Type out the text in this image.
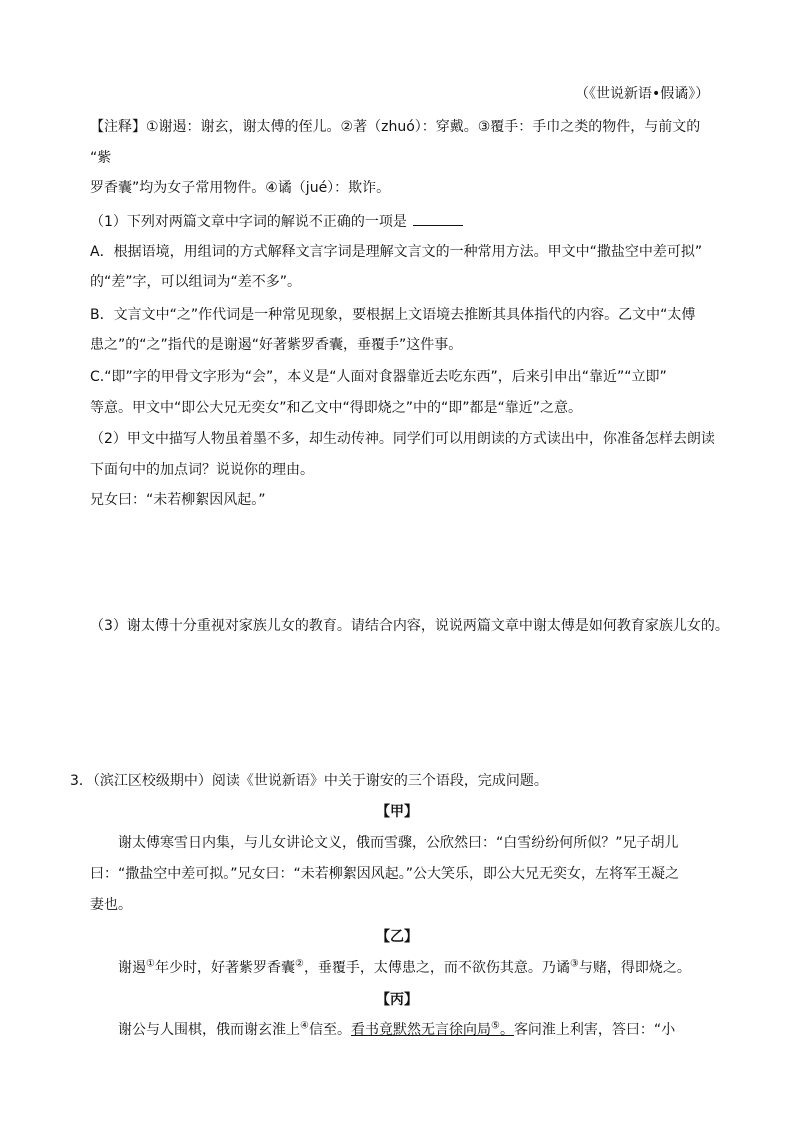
（《世说新语•假谲》）
【注释】①谢遏：谢玄，谢太傅的侄儿。②著（zhuó）：穿戴。③覆手：手巾之类的物件，与前文的
“紫
罗香囊”均为女子常用物件。④谲（jué）：欺诈。
（1）下列对两篇文章中字词的解说不正确的一项是
A．根据语境，用组词的方式解释文言字词是理解文言文的一种常用方法。甲文中“撒盐空中差可拟”
的“差”字，可以组词为“差不多”。
B．文言文中“之”作代词是一种常见现象，要根据上文语境去推断其具体指代的内容。乙文中“太傅
患之”的“之”指代的是谢遏“好著紫罗香囊，垂覆手”这件事。
C.“即”字的甲骨文字形为“会”，本义是“人面对食器靠近去吃东西”，后来引申出“靠近”“立即”
等意。甲文中“即公大兄无奕女”和乙文中“得即烧之”中的“即”都是“靠近”之意。
（2）甲文中描写人物虽着墨不多，却生动传神。同学们可以用朗读的方式读出中，你准备怎样去朗读
下面句中的加点词？说说你的理由。
兄女曰：“未若柳絮因风起。”
（3）谢太傅十分重视对家族儿女的教育。请结合内容，说说两篇文章中谢太傅是如何教育家族儿女的。
3．（滨江区校级期中）阅读《世说新语》中关于谢安的三个语段，完成问题。
【甲】
谢太傅寒雪日内集，与儿女讲论文义，俄而雪骤，公欣然曰：“白雪纷纷何所似？”兄子胡儿
曰：“撒盐空中差可拟。”兄女曰：“未若柳絮因风起。”公大笑乐，即公大兄无奕女，左将军王凝之
妻也。
【乙】
谢遏①年少时，好著紫罗香囊②，垂覆手，太傅患之，而不欲伤其意。乃谲③与赌，得即烧之。
【丙】
谢公与人围棋，俄而谢玄淮上④信至。看书竟默然无言徐向局⑤。客问淮上利害，答曰：“小
